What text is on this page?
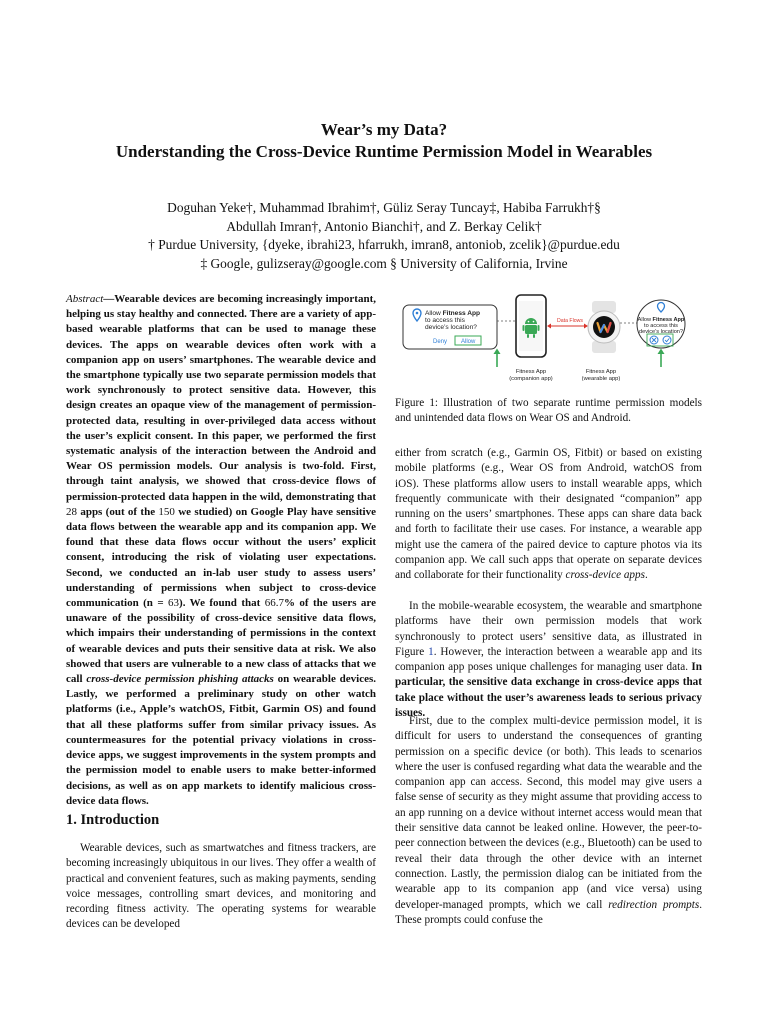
Wear’s my Data?
Understanding the Cross-Device Runtime Permission Model in Wearables
Doguhan Yeke†, Muhammad Ibrahim†, Güliz Seray Tuncay‡, Habiba Farrukh†§
Abdullah Imran†, Antonio Bianchi†, and Z. Berkay Celik†
† Purdue University, {dyeke, ibrahi23, hfarrukh, imran8, antoniob, zcelik}@purdue.edu
‡ Google, gulizseray@google.com § University of California, Irvine

Abstract—Wearable devices are becoming increasingly important, helping us stay healthy and connected. There are a variety of app-based wearable platforms that can be used to manage these devices. The apps on wearable devices often work with a companion app on users’ smartphones. The wearable device and the smartphone typically use two separate permission models that work synchronously to protect sensitive data. However, this design creates an opaque view of the management of permission-protected data, resulting in over-privileged data access without the user’s explicit consent. In this paper, we performed the first systematic analysis of the interaction between the Android and Wear OS permission models. Our analysis is two-fold. First, through taint analysis, we showed that cross-device flows of permission-protected data happen in the wild, demonstrating that 28 apps (out of the 150 we studied) on Google Play have sensitive data flows between the wearable app and its companion app. We found that these data flows occur without the users’ explicit consent, introducing the risk of violating user expectations. Second, we conducted an in-lab user study to assess users’ understanding of permissions when subject to cross-device communication (n = 63). We found that 66.7% of the users are unaware of the possibility of cross-device sensitive data flows, which impairs their understanding of permissions in the context of wearable devices and puts their sensitive data at risk. We also showed that users are vulnerable to a new class of attacks that we call cross-device permission phishing attacks on wearable devices. Lastly, we performed a preliminary study on other watch platforms (i.e., Apple’s watchOS, Fitbit, Garmin OS) and found that all these platforms suffer from similar privacy issues. As countermeasures for the potential privacy violations in cross-device apps, we suggest improvements in the system prompts and the permission model to enable users to make better-informed decisions, as well as on app markets to identify malicious cross-device data flows.

1. Introduction

Wearable devices, such as smartwatches and fitness trackers, are becoming increasingly ubiquitous in our lives. They offer a wealth of practical and convenient features, such as making payments, sending voice messages, controlling smart devices, and monitoring and recording fitness activity. The operating systems for wearable devices can be developed

Allow Fitness App
to access this
device’s location?
Deny Allow
Data Flows	Allow Fitness App
to access this
device’s location?
Fitness App
(companion app)
Fitness App
(wearable app)

Figure 1: Illustration of two separate runtime permission models and unintended data flows on Wear OS and Android.

either from scratch (e.g., Garmin OS, Fitbit) or based on existing mobile platforms (e.g., Wear OS from Android, watchOS from iOS). These platforms allow users to install wearable apps, which frequently communicate with their designated “companion” app running on the users’ smartphones. These apps can share data back and forth to facilitate their use cases. For instance, a wearable app might use the camera of the paired device to capture photos via its companion app. We call such apps that operate on separate devices and collaborate for their functionality cross-device apps.

In the mobile-wearable ecosystem, the wearable and smartphone platforms have their own permission models that work synchronously to protect users’ sensitive data, as illustrated in Figure 1. However, the interaction between a wearable app and its companion app poses unique challenges for managing user data. In particular, the sensitive data exchange in cross-device apps that take place without the user’s awareness leads to serious privacy issues.

First, due to the complex multi-device permission model, it is difficult for users to understand the consequences of granting permission on a specific device (or both). This leads to scenarios where the user is confused regarding what data the wearable and the companion app can access. Second, this model may give users a false sense of security as they might assume that providing access to an app running on a device without internet access would mean that their sensitive data cannot be leaked online. However, the peer-to-peer connection between the devices (e.g., Bluetooth) can be used to reveal their data through the other device with an internet connection. Lastly, the permission dialog can be initiated from the wearable app to its companion app (and vice versa) using developer-managed prompts, which we call redirection prompts. These prompts could confuse the
